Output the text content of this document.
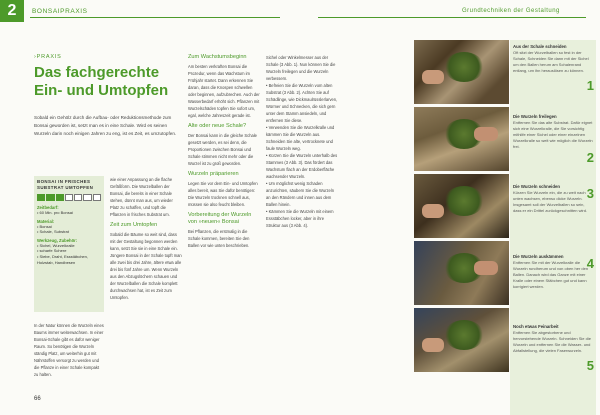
2	BONSAIPRAXIS	Grundtechniken der Gestaltung
›PRAXIS
Das fachgerechte Ein- und Umtopfen
Sobald ein Gehölz durch die Aufbau- oder Reduktionsmethode zum Bonsai geworden ist, setzt man es in eine Schale. Wird es seinen Wurzeln darin noch einigen Jahren zu eng, ist es Zeit, es umzutopfen.
BONSAI IN FRISCHES SUBSTRAT UMTOPFEN
Zeitbedarf:
• 60 Min. pro Bonsai
Material:
• Bonsai
• Schale, Substrat
Werkzeug, Zubehör:
• Sichel, Wurzelkralle
• scharfe Schere
• Siebe, Draht, Essstäbchen, Holzstab, Handbesen
In der Natur können die Wurzeln eines Baums immer weiterwachsen. In einer Bonsai-Schale gibt es dafür weniger Raum. So benötigen die Wurzeln ständig Platz, um weiterhin gut mit Nährstoffen versorgt zu werden und die Pflanze in einer Schale kompakt zu halten.
wie einer Anpassung an die flache Gefäßform. Die Wurzelballen der Bonsai, die bereits in einer Schale stehen, dünnt man aus, um wieder Platz zu schaffen, und topft die Pflanzen in frisches Substrat um.
Zeit zum Umtopfen
Sobald die Bäume so weit sind, dass mit der Gestaltung begonnen werden kann, setzt Sie sie in eine Schale ein. Jüngere Bonsai in der Schale topft man alle zwei bis drei Jahre, ältere etwa alle drei bis fünf Jahre um. Wenn Wurzeln aus den Abzugslöchern schauen und der Wurzelballen die Schale komplett durchwachsen hat, ist es Zeit zum Umtopfen.
Zum Wachstumsbeginn
Am besten verkraften Bonsai die Prozedur, wenn das Wachstum im Frühjahr startet. Dann erkennen Sie daran, dass die Knospen schwellen oder beginnen, aufzubrechen. Auch der Wasserbedarf erhöht sich. Pflanzen mit Wurzelschäden topfen Sie sofort um, egal, welche Jahreszeit gerade ist.
Alte oder neue Schale?
Der Bonsai kann in die gleiche Schale gesetzt werden, es sei denn, die Proportionen zwischen Bonsai und Schale stimmen nicht mehr oder die Wurzel ist zu groß geworden.
Wurzeln präparieren
Legen Sie vor dem Ein- und Umtopfen alles bereit, was Sie dafür benötigen: Die Wurzeln trocknen schnell aus, müssen sie also feucht bleiben.
Vorbereitung der Wurzeln von »neuen« Bonsai
Bei Pflanzen, die erstmalig in die Schale kommen, bereiten Sie den Ballen vor wie unten beschrieben.
Sichel oder Winkelmesser aus der Schale (3 Abb. 1). Nun können Sie die Wurzeln freilegen und die Wurzeln verbessern.
• Befreien Sie die Wurzeln vom alten Substrat (3 Abb. 2). Achten Sie auf Schädlinge, wie Dickmaulrüsslerlarven, Würmer und Schnecken, die sich gern unter dem Stamm ansiedeln, und entfernen Sie diese.
• Verwenden Sie die Wurzelkralle und kämmen Sie die Wurzeln aus. Schneiden Sie alte, vertrocknete und faule Wurzeln weg.
• Kürzen Sie die Wurzeln unterhalb des Stammes (3 Abb. 3). Das fördert das Wachstum flach an der Erdoberfläche wachsender Wurzeln.
• Um möglichst wenig Schaden anzurichten, säubern Sie die Wurzeln an den Rändern und innen aus dem Ballen hinein.
• Kämmen Sie die Wurzeln mit einem Essstäbchen locker, aber in ihre Struktur aus (3 Abb. 4).
66
Aus der Schale schneiden
Oft sitzt der Wurzelballen so fest in der Schale, Schneiden Sie dann mit der Sichel um den Ballen herum am Schalenrand entlang, um ihn herauslösen zu können.
1
Die Wurzeln freilegen
Entfernen Sie das alte Substrat. Dafür eignet sich eine Wurzelkralle, die Sie vorsichtig mithilfe einer Sichel oder einer einzelnen Wurzelkralle so weit wie möglich die Wurzeln frei.
2
Die Wurzeln schneiden
Kürzen Sie Wurzeln ein, die zu weit nach unten wachsen, ebenso dicke Wurzeln. Insgesamt soll der Wurzelballen so sein, dass er ein Drittel zurückgeschnitten wird.
3
Die Wurzeln auskämmen
Entfernen Sie mit der Wurzelkralle die Wurzeln rundherum und von oben her den Ballen. Danach wird das Ganze mit einer Kralle oder einem Stäbchen gut und kann korrigiert werden.
4
Noch etwas Feinarbeit
Entfernen Sie abgestorbene und hervorstehende Wurzeln. Schneiden Sie die Wurzeln und entfernen Sie die Wasser- und Abfallstellung, die vielen Faserwurzeln.
5
